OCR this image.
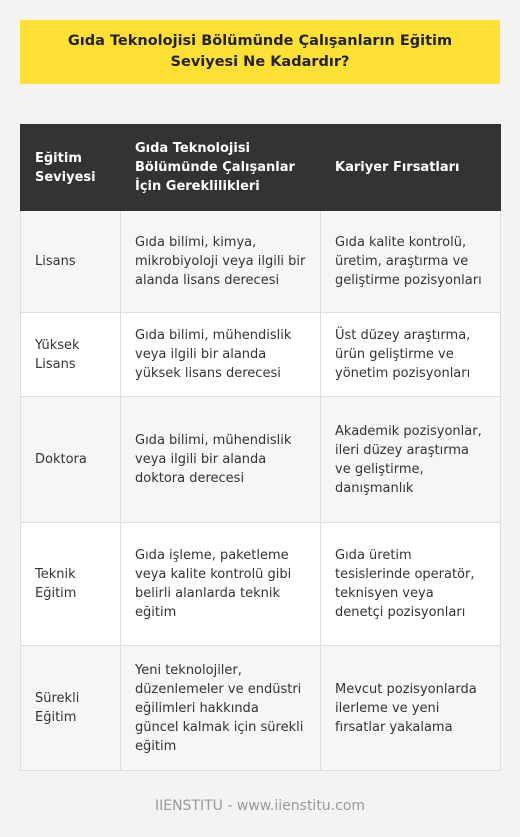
Gıda Teknolojisi Bölümünde Çalışanların Eğitim Seviyesi Ne Kadardır?
Eğitim Seviyesi	Gıda Teknolojisi Bölümünde Çalışanlar İçin Gereklilikleri	Kariyer Fırsatları
Lisans	Gıda bilimi, kimya, mikrobiyoloji veya ilgili bir alanda lisans derecesi	Gıda kalite kontrolü, üretim, araştırma ve geliştirme pozisyonları
Yüksek Lisans	Gıda bilimi, mühendislik veya ilgili bir alanda yüksek lisans derecesi	Üst düzey araştırma, ürün geliştirme ve yönetim pozisyonları
Doktora	Gıda bilimi, mühendislik veya ilgili bir alanda doktora derecesi	Akademik pozisyonlar, ileri düzey araştırma ve geliştirme, danışmanlık
Teknik Eğitim	Gıda işleme, paketleme veya kalite kontrolü gibi belirli alanlarda teknik eğitim	Gıda üretim tesislerinde operatör, teknisyen veya denetçi pozisyonları
Sürekli Eğitim	Yeni teknolojiler, düzenlemeler ve endüstri eğilimleri hakkında güncel kalmak için sürekli eğitim	Mevcut pozisyonlarda ilerleme ve yeni fırsatlar yakalama
IIENSTITU - www.iienstitu.com
